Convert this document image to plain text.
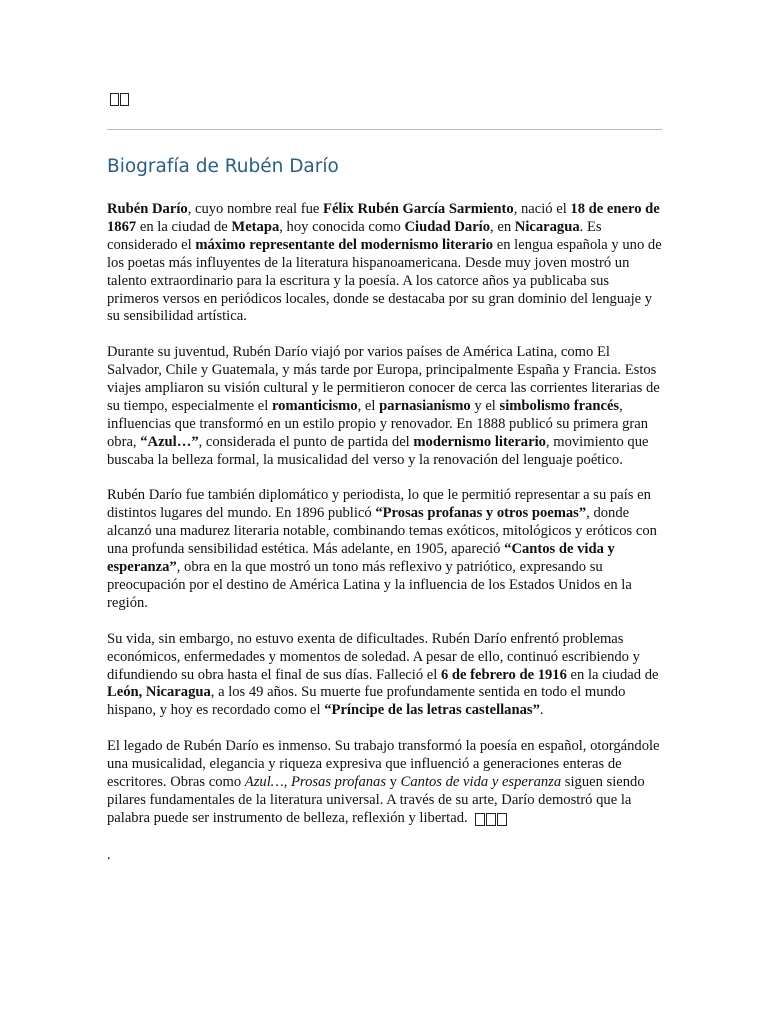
Biografía de Rubén Darío

Rubén Darío, cuyo nombre real fue Félix Rubén García Sarmiento, nació el 18 de enero de 1867 en la ciudad de Metapa, hoy conocida como Ciudad Darío, en Nicaragua. Es considerado el máximo representante del modernismo literario en lengua española y uno de los poetas más influyentes de la literatura hispanoamericana. Desde muy joven mostró un talento extraordinario para la escritura y la poesía. A los catorce años ya publicaba sus primeros versos en periódicos locales, donde se destacaba por su gran dominio del lenguaje y su sensibilidad artística.

Durante su juventud, Rubén Darío viajó por varios países de América Latina, como El Salvador, Chile y Guatemala, y más tarde por Europa, principalmente España y Francia. Estos viajes ampliaron su visión cultural y le permitieron conocer de cerca las corrientes literarias de su tiempo, especialmente el romanticismo, el parnasianismo y el simbolismo francés, influencias que transformó en un estilo propio y renovador. En 1888 publicó su primera gran obra, “Azul…”, considerada el punto de partida del modernismo literario, movimiento que buscaba la belleza formal, la musicalidad del verso y la renovación del lenguaje poético.

Rubén Darío fue también diplomático y periodista, lo que le permitió representar a su país en distintos lugares del mundo. En 1896 publicó “Prosas profanas y otros poemas”, donde alcanzó una madurez literaria notable, combinando temas exóticos, mitológicos y eróticos con una profunda sensibilidad estética. Más adelante, en 1905, apareció “Cantos de vida y esperanza”, obra en la que mostró un tono más reflexivo y patriótico, expresando su preocupación por el destino de América Latina y la influencia de los Estados Unidos en la región.

Su vida, sin embargo, no estuvo exenta de dificultades. Rubén Darío enfrentó problemas económicos, enfermedades y momentos de soledad. A pesar de ello, continuó escribiendo y difundiendo su obra hasta el final de sus días. Falleció el 6 de febrero de 1916 en la ciudad de León, Nicaragua, a los 49 años. Su muerte fue profundamente sentida en todo el mundo hispano, y hoy es recordado como el “Príncipe de las letras castellanas”.

El legado de Rubén Darío es inmenso. Su trabajo transformó la poesía en español, otorgándole una musicalidad, elegancia y riqueza expresiva que influenció a generaciones enteras de escritores. Obras como Azul…, Prosas profanas y Cantos de vida y esperanza siguen siendo pilares fundamentales de la literatura universal. A través de su arte, Darío demostró que la palabra puede ser instrumento de belleza, reflexión y libertad.

.
